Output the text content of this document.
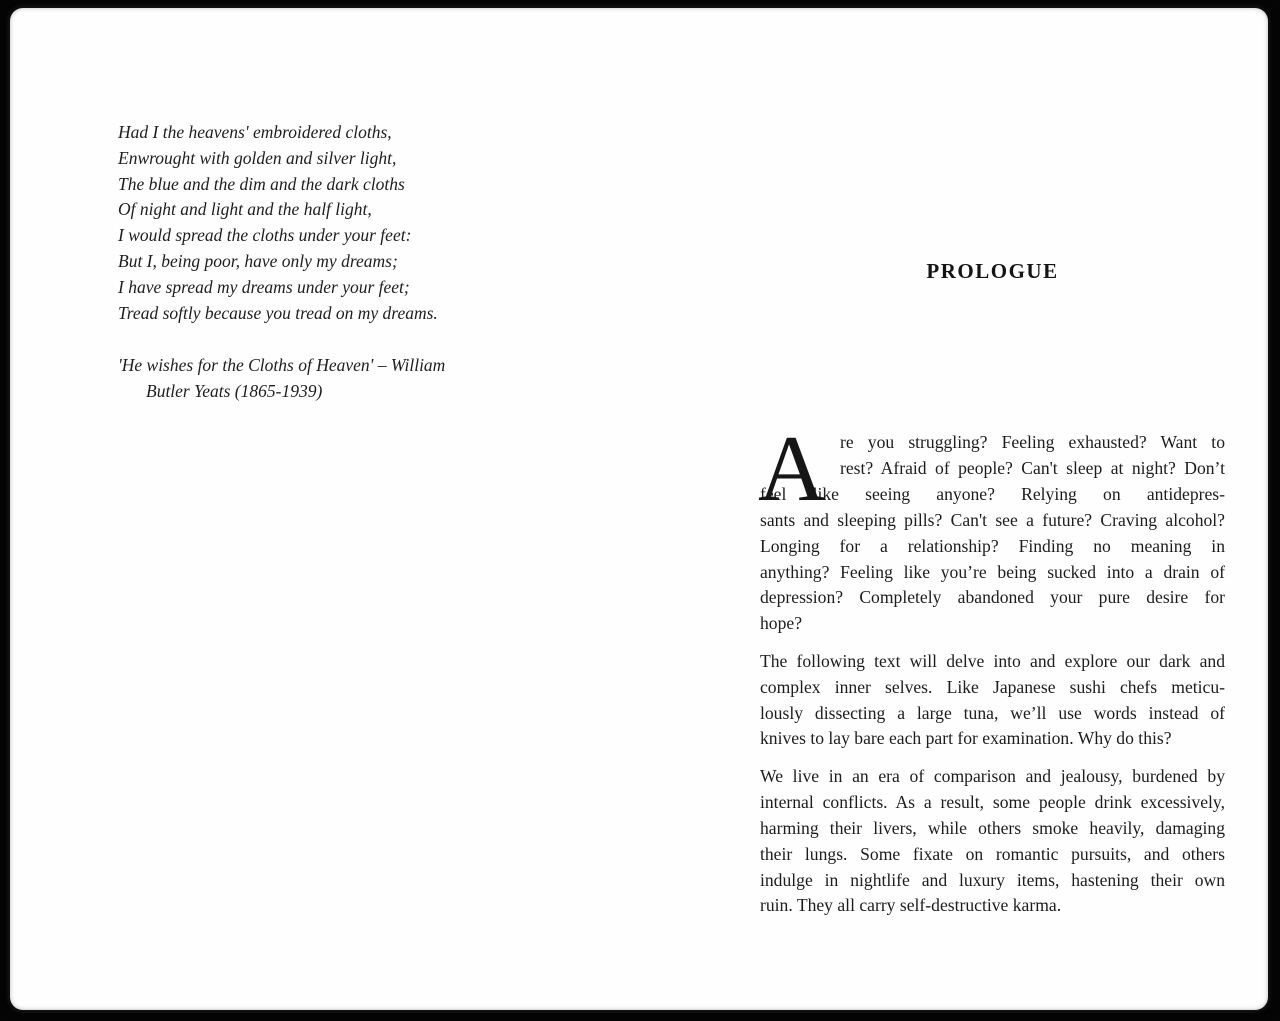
Had I the heavens' embroidered cloths,
Enwrought with golden and silver light,
The blue and the dim and the dark cloths
Of night and light and the half light,
I would spread the cloths under your feet:
But I, being poor, have only my dreams;
I have spread my dreams under your feet;
Tread softly because you tread on my dreams.
'He wishes for the Cloths of Heaven' – William
Butler Yeats (1865-1939)
PROLOGUE
A re you struggling? Feeling exhausted? Want to
rest? Afraid of people? Can't sleep at night? Don’t
feel like seeing anyone? Relying on antidepres-
sants and sleeping pills? Can't see a future? Craving alcohol?
Longing for a relationship? Finding no meaning in
anything? Feeling like you’re being sucked into a drain of
depression? Completely abandoned your pure desire for
hope?
The following text will delve into and explore our dark and
complex inner selves. Like Japanese sushi chefs meticu-
lously dissecting a large tuna, we’ll use words instead of
knives to lay bare each part for examination. Why do this?
We live in an era of comparison and jealousy, burdened by
internal conflicts. As a result, some people drink excessively,
harming their livers, while others smoke heavily, damaging
their lungs. Some fixate on romantic pursuits, and others
indulge in nightlife and luxury items, hastening their own
ruin. They all carry self-destructive karma.
